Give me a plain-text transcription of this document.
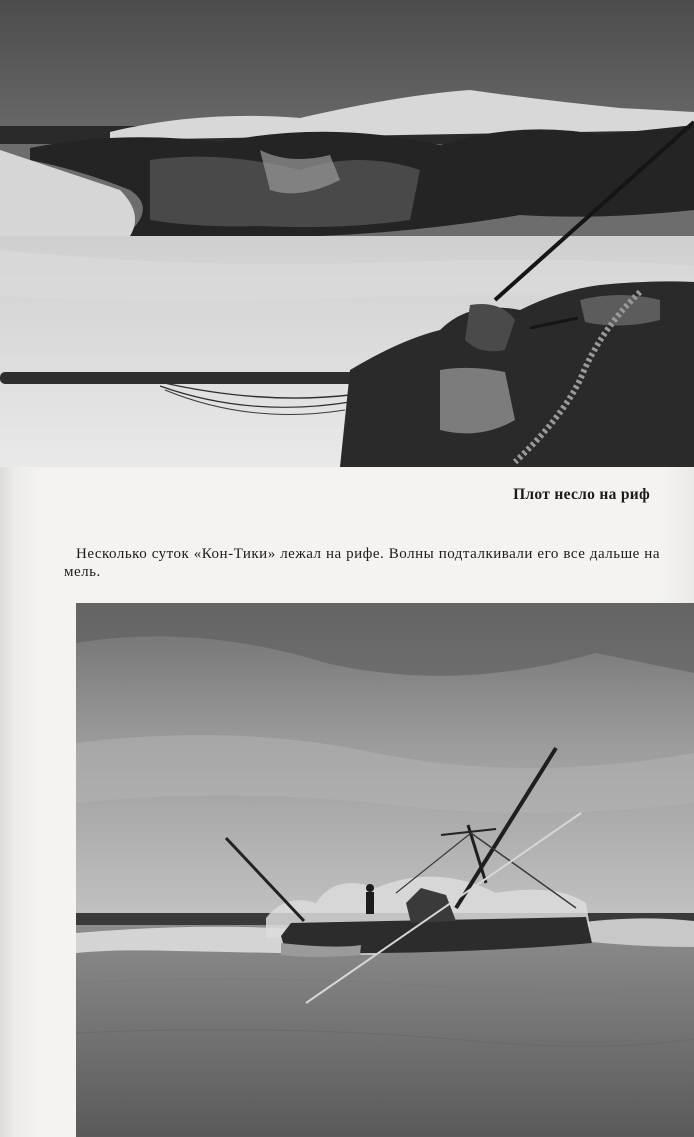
Плот несло на риф
Несколько суток «Кон-Тики» лежал на рифе. Волны подталкивали его все дальше на мель.
